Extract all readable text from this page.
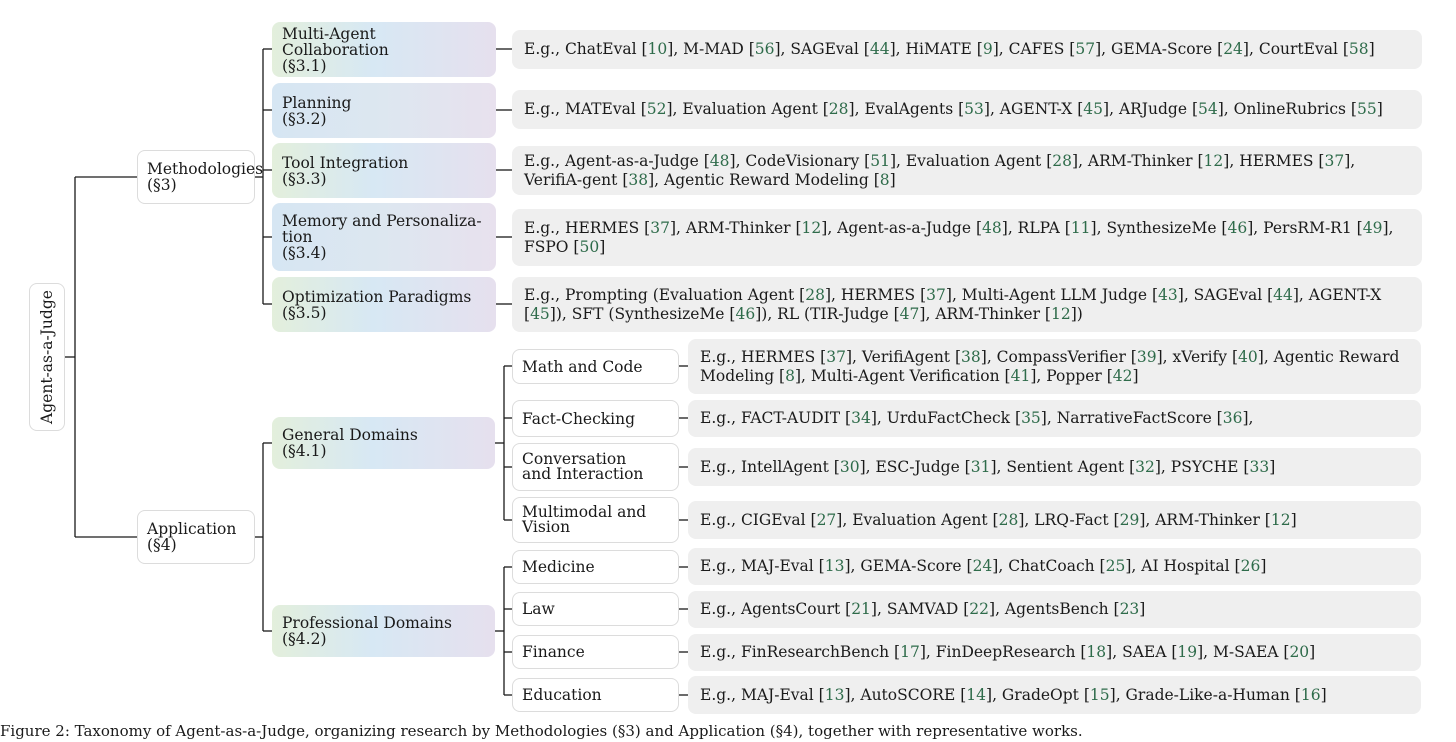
Agent-as-a-Judge
Methodologies
(§3)
Application
(§4)
Multi-Agent Collaboration
(§3.1)
Planning
(§3.2)
Tool Integration
(§3.3)
Memory and Personaliza-tion
(§3.4)
Optimization Paradigms
(§3.5)
E.g., ChatEval [10], M-MAD [56], SAGEval [44], HiMATE [9], CAFES [57], GEMA-Score [24], CourtEval [58]
E.g., MATEval [52], Evaluation Agent [28], EvalAgents [53], AGENT-X [45], ARJudge [54], OnlineRubrics [55]
E.g., Agent-as-a-Judge [48], CodeVisionary [51], Evaluation Agent [28], ARM-Thinker [12], HERMES [37], VerifiA-gent [38], Agentic Reward Modeling [8]
E.g., HERMES [37], ARM-Thinker [12], Agent-as-a-Judge [48], RLPA [11], SynthesizeMe [46], PersRM-R1 [49], FSPO [50]
E.g., Prompting (Evaluation Agent [28], HERMES [37], Multi-Agent LLM Judge [43], SAGEval [44], AGENT-X [45]), SFT (SynthesizeMe [46]), RL (TIR-Judge [47], ARM-Thinker [12])
General Domains
(§4.1)
Professional Domains
(§4.2)
Math and Code
Fact-Checking
Conversation and Interaction
Multimodal and Vision
Medicine
Law
Finance
Education
E.g., HERMES [37], VerifiAgent [38], CompassVerifier [39], xVerify [40], Agentic Reward Modeling [8], Multi-Agent Verification [41], Popper [42]
E.g., FACT-AUDIT [34], UrduFactCheck [35], NarrativeFactScore [36],
E.g., IntellAgent [30], ESC-Judge [31], Sentient Agent [32], PSYCHE [33]
E.g., CIGEval [27], Evaluation Agent [28], LRQ-Fact [29], ARM-Thinker [12]
E.g., MAJ-Eval [13], GEMA-Score [24], ChatCoach [25], AI Hospital [26]
E.g., AgentsCourt [21], SAMVAD [22], AgentsBench [23]
E.g., FinResearchBench [17], FinDeepResearch [18], SAEA [19], M-SAEA [20]
E.g., MAJ-Eval [13], AutoSCORE [14], GradeOpt [15], Grade-Like-a-Human [16]
Figure 2: Taxonomy of Agent-as-a-Judge, organizing research by Methodologies (§3) and Application (§4), together with representative works.
